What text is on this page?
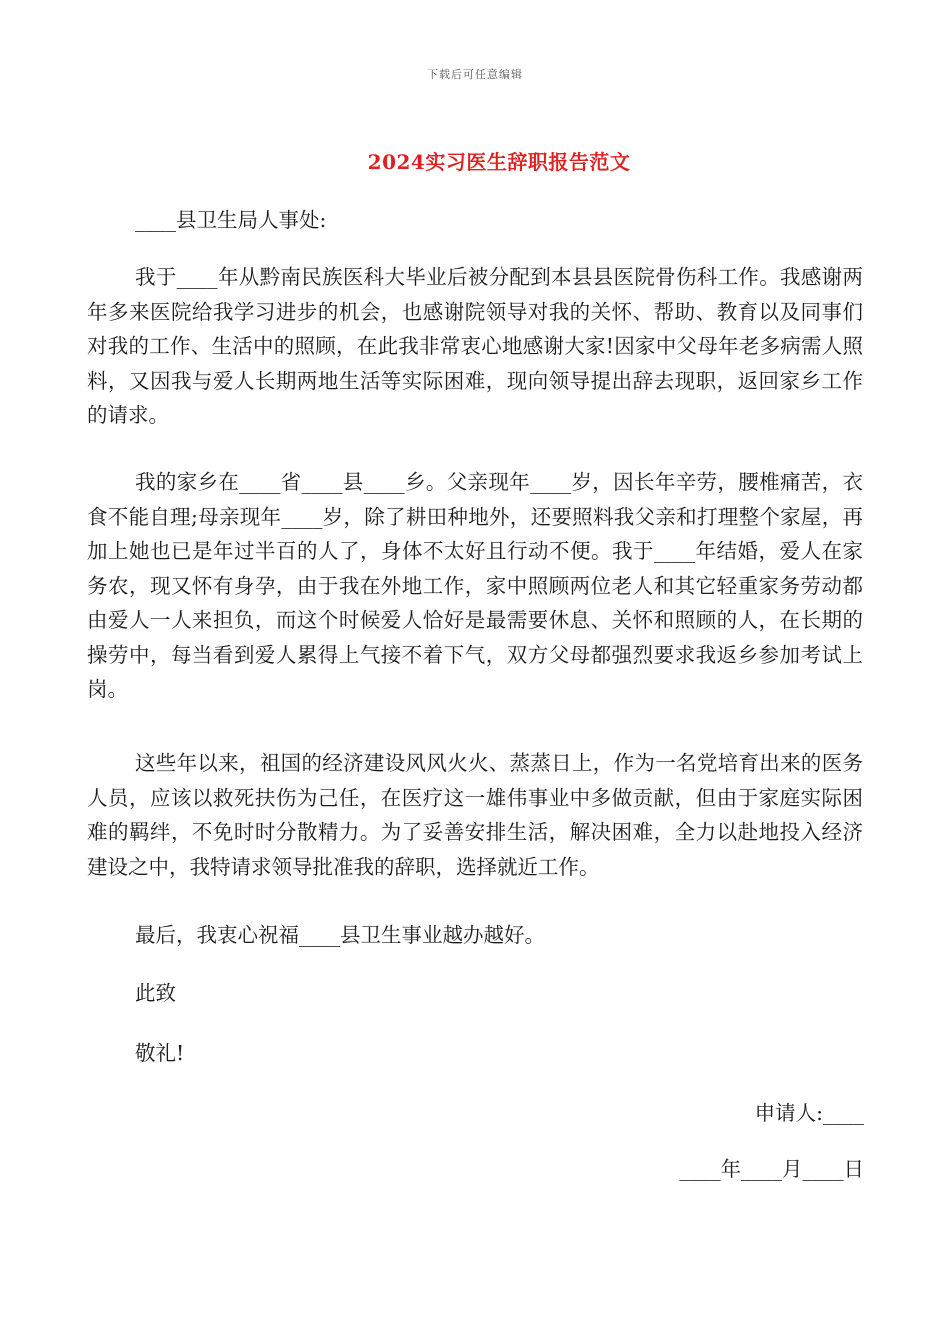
下载后可任意编辑
2024实习医生辞职报告范文
____县卫生局人事处:

我于____年从黔南民族医科大毕业后被分配到本县县医院骨伤科工作。我感谢两年多来医院给我学习进步的机会，也感谢院领导对我的关怀、帮助、教育以及同事们对我的工作、生活中的照顾，在此我非常衷心地感谢大家!因家中父母年老多病需人照料，又因我与爱人长期两地生活等实际困难，现向领导提出辞去现职，返回家乡工作的请求。

我的家乡在____省____县____乡。父亲现年____岁，因长年辛劳，腰椎痛苦，衣食不能自理;母亲现年____岁，除了耕田种地外，还要照料我父亲和打理整个家屋，再加上她也已是年过半百的人了，身体不太好且行动不便。我于____年结婚，爱人在家务农，现又怀有身孕，由于我在外地工作，家中照顾两位老人和其它轻重家务劳动都由爱人一人来担负，而这个时候爱人恰好是最需要休息、关怀和照顾的人，在长期的操劳中，每当看到爱人累得上气接不着下气，双方父母都强烈要求我返乡参加考试上岗。

这些年以来，祖国的经济建设风风火火、蒸蒸日上，作为一名党培育出来的医务人员，应该以救死扶伤为己任，在医疗这一雄伟事业中多做贡献，但由于家庭实际困难的羁绊，不免时时分散精力。为了妥善安排生活，解决困难，全力以赴地投入经济建设之中，我特请求领导批准我的辞职，选择就近工作。

最后，我衷心祝福____县卫生事业越办越好。

此致
敬礼!
申请人:____
____年____月____日
